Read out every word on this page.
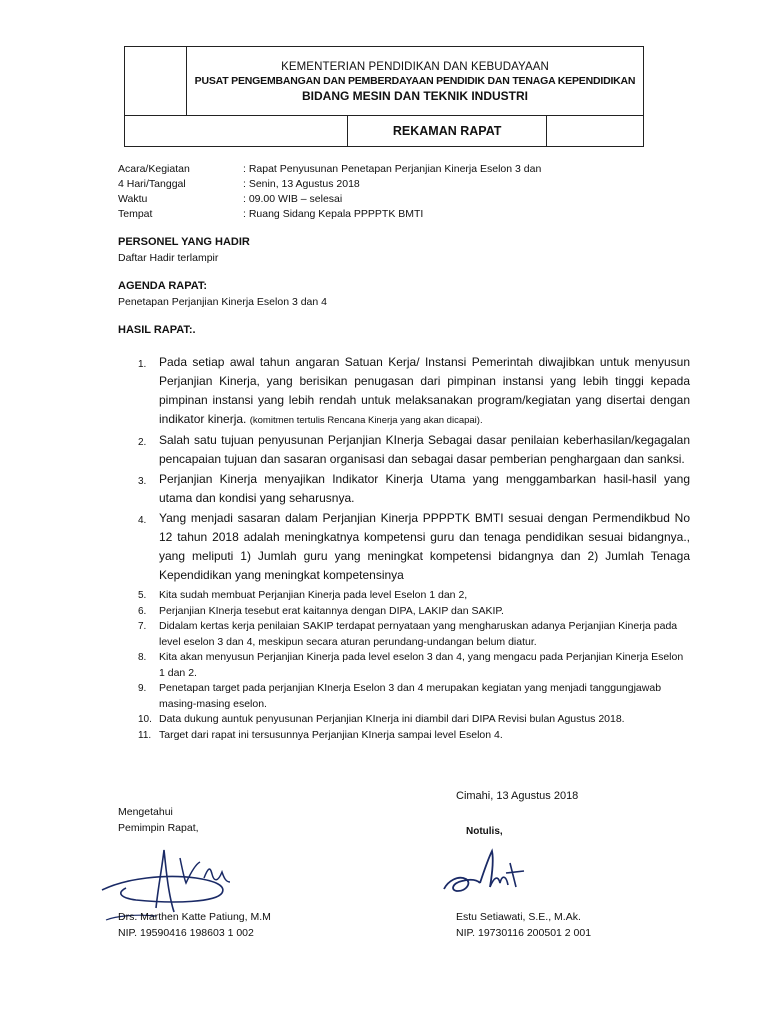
	KEMENTERIAN PENDIDIKAN DAN KEBUDAYAAN
PUSAT PENGEMBANGAN DAN PEMBERDAYAAN PENDIDIK DAN TENAGA KEPENDIDIKAN
BIDANG MESIN DAN TEKNIK INDUSTRI		

		REKAMAN RAPAT	
Acara/Kegiatan	: Rapat Penyusunan Penetapan Perjanjian Kinerja Eselon 3 dan
4 Hari/Tanggal	: Senin, 13 Agustus 2018
Waktu	: 09.00 WIB – selesai
Tempat	: Ruang Sidang Kepala PPPPTK BMTI
PERSONEL YANG HADIR
Daftar Hadir terlampir
AGENDA RAPAT:
Penetapan Perjanjian Kinerja Eselon 3 dan 4
HASIL RAPAT:.
1.	Pada setiap awal tahun angaran Satuan Kerja/ Instansi Pemerintah diwajibkan untuk menyusun Perjanjian Kinerja, yang berisikan penugasan dari pimpinan instansi yang lebih tinggi kepada pimpinan instansi yang lebih rendah untuk melaksanakan program/kegiatan yang disertai dengan indikator kinerja. (komitmen tertulis Rencana Kinerja yang akan dicapai).
2.	Salah satu tujuan penyusunan Perjanjian KInerja Sebagai dasar penilaian keberhasilan/kegagalan pencapaian tujuan dan sasaran organisasi dan sebagai dasar pemberian penghargaan dan sanksi.
3.	Perjanjian Kinerja menyajikan Indikator Kinerja Utama yang menggambarkan hasil-hasil yang utama dan kondisi yang seharusnya.
4.	Yang menjadi sasaran dalam Perjanjian Kinerja PPPPTK BMTI sesuai dengan Permendikbud No 12 tahun 2018 adalah meningkatnya kompetensi guru dan tenaga pendidikan sesuai bidangnya., yang meliputi 1) Jumlah guru yang meningkat kompetensi bidangnya dan 2) Jumlah Tenaga Kependidikan yang meningkat kompetensinya
5.	Kita sudah membuat Perjanjian Kinerja pada level Eselon 1 dan 2,
6.	Perjanjian KInerja tesebut erat kaitannya dengan DIPA, LAKIP dan SAKIP.
7.	Didalam kertas kerja penilaian SAKIP terdapat pernyataan yang mengharuskan adanya Perjanjian Kinerja pada level eselon 3 dan 4, meskipun secara aturan perundang-undangan belum diatur.
8.	Kita akan menyusun Perjanjian Kinerja pada level eselon 3 dan 4, yang mengacu pada Perjanjian Kinerja Eselon 1 dan 2.
9.	Penetapan target pada perjanjian KInerja Eselon 3 dan 4 merupakan kegiatan yang menjadi tanggungjawab masing-masing eselon.
10. Data dukung auntuk penyusunan Perjanjian KInerja ini diambil dari DIPA Revisi bulan Agustus 2018.
11. Target dari rapat ini tersusunnya Perjanjian KInerja sampai level Eselon 4.
Cimahi, 13 Agustus 2018
Mengetahui
Pemimpin Rapat,	Notulis,
Drs. Marthen Katte Patiung, M.M
NIP. 19590416 198603 1 002
Estu Setiawati, S.E., M.Ak.
NIP. 19730116 200501 2 001
